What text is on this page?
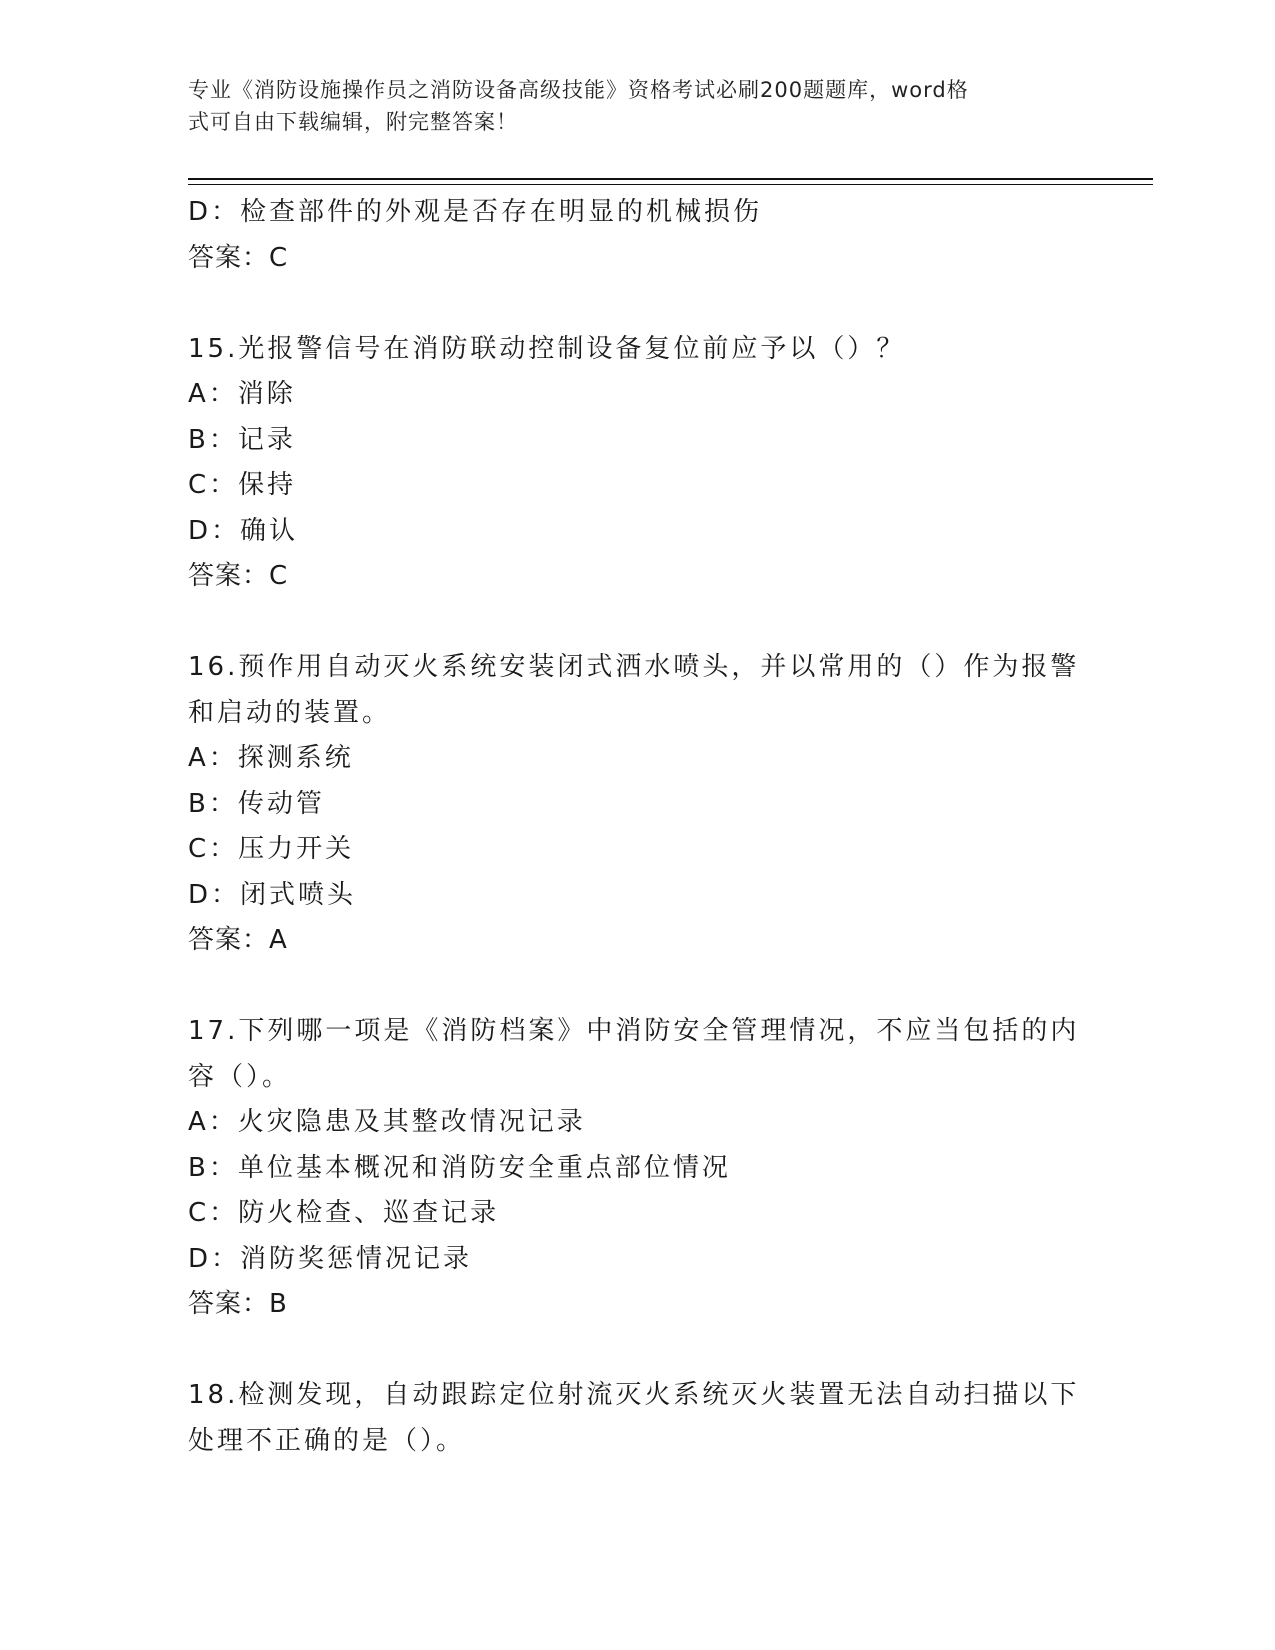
专业《消防设施操作员之消防设备高级技能》资格考试必刷200题题库，word格
式可自由下载编辑，附完整答案！
D：检查部件的外观是否存在明显的机械损伤
答案：C
15.光报警信号在消防联动控制设备复位前应予以（）？
A：消除
B：记录
C：保持
D：确认
答案：C
16.预作用自动灭火系统安装闭式洒水喷头，并以常用的（）作为报警
和启动的装置。
A：探测系统
B：传动管
C：压力开关
D：闭式喷头
答案：A
17.下列哪一项是《消防档案》中消防安全管理情况，不应当包括的内
容（）。
A：火灾隐患及其整改情况记录
B：单位基本概况和消防安全重点部位情况
C：防火检查、巡查记录
D：消防奖惩情况记录
答案：B
18.检测发现，自动跟踪定位射流灭火系统灭火装置无法自动扫描以下
处理不正确的是（）。
